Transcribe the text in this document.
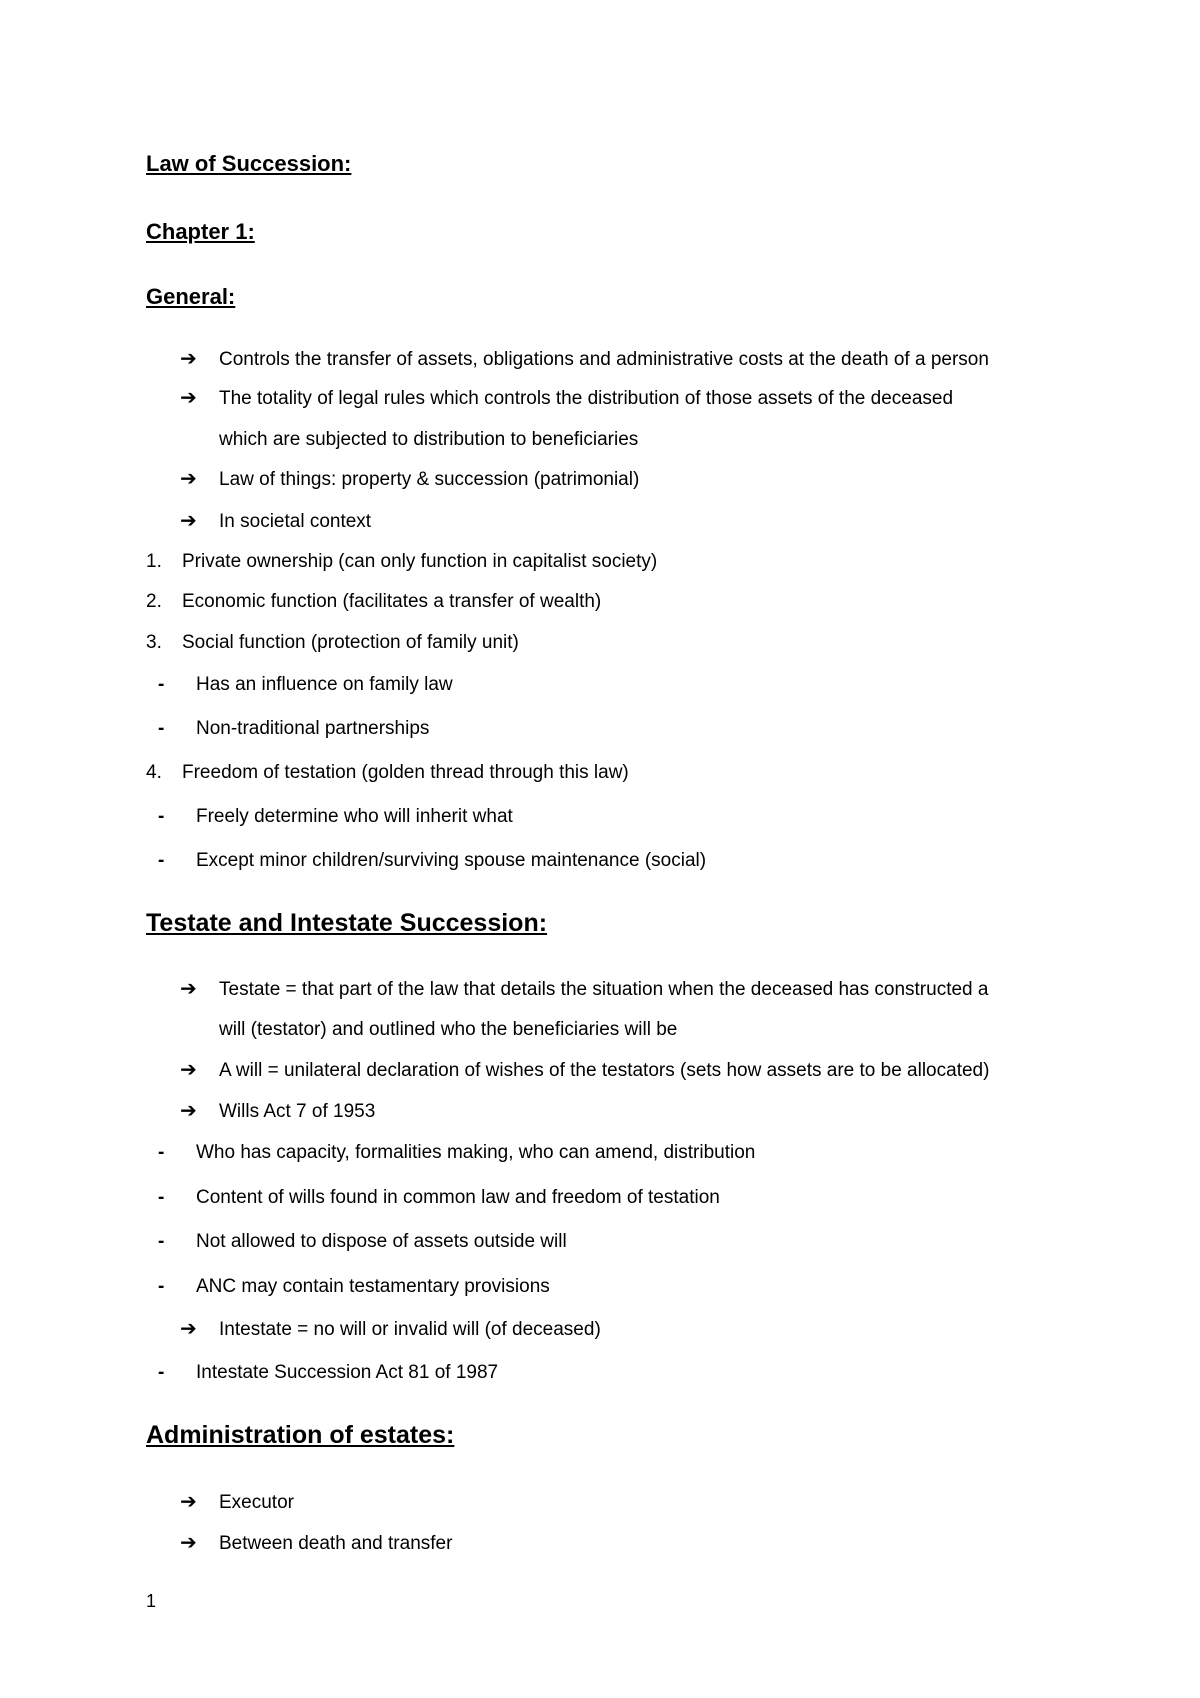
Law of Succession:
Chapter 1:
General:
➔ Controls the transfer of assets, obligations and administrative costs at the death of a person
➔ The totality of legal rules which controls the distribution of those assets of the deceased
which are subjected to distribution to beneficiaries
➔ Law of things: property & succession (patrimonial)
➔ In societal context
1. Private ownership (can only function in capitalist society)
2. Economic function (facilitates a transfer of wealth)
3. Social function (protection of family unit)
- Has an influence on family law
- Non-traditional partnerships
4. Freedom of testation (golden thread through this law)
- Freely determine who will inherit what
- Except minor children/surviving spouse maintenance (social)
Testate and Intestate Succession:
➔ Testate = that part of the law that details the situation when the deceased has constructed a
will (testator) and outlined who the beneficiaries will be
➔ A will = unilateral declaration of wishes of the testators (sets how assets are to be allocated)
➔ Wills Act 7 of 1953
- Who has capacity, formalities making, who can amend, distribution
- Content of wills found in common law and freedom of testation
- Not allowed to dispose of assets outside will
- ANC may contain testamentary provisions
➔ Intestate = no will or invalid will (of deceased)
- Intestate Succession Act 81 of 1987
Administration of estates:
➔ Executor
➔ Between death and transfer
1
